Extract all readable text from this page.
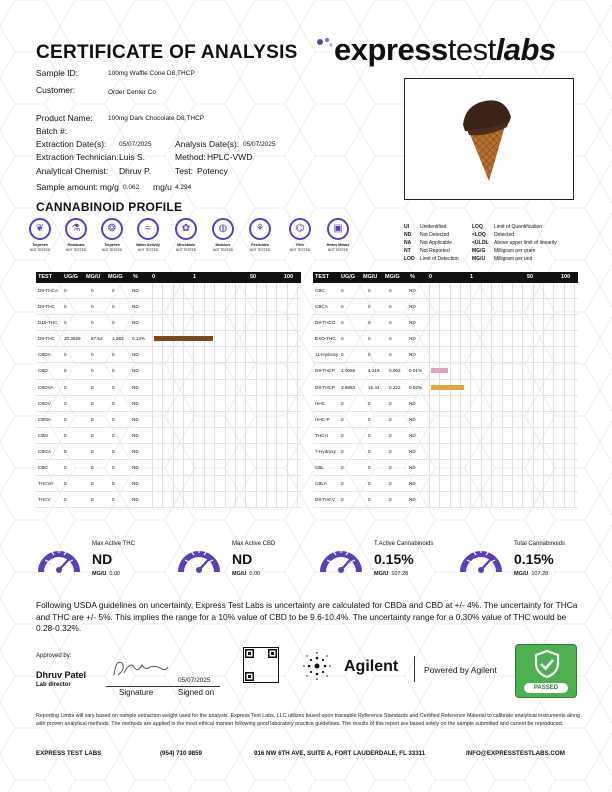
CERTIFICATE OF ANALYSIS expresstestlabs
Sample ID:	100mg Waffle Cone D8,THCP
Customer:	Order Center Co
Product Name: 100mg Dark Chocolate D8,THCP
Batch #:
Extraction Date(s): 05/07/2025	Analysis Date(s): 05/07/2025
Extraction Technician: Luis S.	Method: HPLC-VWD
Analytical Chemist: Dhruv P.	Test: Potency
Sample amount: mg/g 0.062 mg/u 4.294
CANNABINOID PROFILE
❦
Terpenes
NOT TESTED
⚗
Residuals
NOT TESTED
❂
Terpenes
NOT TESTED
≈
Water Activity
NOT TESTED
✿
Microbials
NOT TESTED
◍
Moisture
NOT TESTED
⚘
Pesticides
NOT TESTED
⌬
Filth
NOT TESTED
▣
Heavy Metals
NOT TESTED
UI Unidentified
ND Not Detected
NA Not Applicable
NT Not Reported
LOD Limit of Detection
LOQ Limit of Quantification
<LOQ Detected
<ULOL Above upper limit of linearity
MG/G Milligram per gram
MG/U Milligram per unit
TEST UG/G MG/U MG/G %	0	1	50	100
D8-THCA 0	0	0	ND
D8-THC 0	0	0	ND
D10-THC 0	0	0	ND
D8-THC 20.3629 87.52 1.263 0.13%
CBDA	0	0	0	ND
CBD	0	0	0	ND
CBDVA 0	0	0	ND
CBDV	0	0	0	ND
CBNA	0	0	0	ND
CBN	0	0	0	ND
CBGA	0	0	0	ND
CBG	0	0	0	ND
THCVA 0	0	0	ND
THCV	0	0	0	ND
TEST UG/G MG/U MG/G %	0	1	50	100
CBC	0	0	0	ND
CBCA	0	0	0	ND
D8-THCO 0	0	0	ND
EXO-THC 0	0	0	ND
11-Hydroxy 0	0	0	ND
D9-THCP 1.0056	4.318 0.062 0.01%
D8-THCP 3.5863	15.44 0.222 0.02%
HHC	0	0	0	ND
HHC-P 0	0	0	ND
THCH	0	0	0	ND
7-Hydroxy 0	0	0	ND
CBL	0	0	0	ND
CBLA	0	0	0	ND
D8-THCV 0	0	0	ND
Max Active THC
ND
MG/U 0.00
Max Active CBD
ND
MG/U 0.00
T.Active Cannabinoids
0.15%
MG/U 107.28
Total Cannabinoids
0.15%
MG/U 107.28
Following USDA guidelines on uncertainty, Express Test Labs is uncertainty are calculated for CBDa and CBD at +/- 4%. The uncertainty for THCa and THC are +/- 5%. This implies the range for a 10% value of CBD to be 9.6-10.4%. The uncertainty range for a 0.30% value of THC would be 0.28-0.32%.
Approved by:
Dhruv Patel
Lab director
Signature
05/07/2025
Signed on
Agilent	Powered by Agilent
PASSED
Reporting Limits will vary based on sample extraction weight used for the analysis. Express Test Labs, LLC utilizes based upon traceable Reference Standards and Certified Reference Material to calibrate analytical instruments along with proven analytical methods. The methods are applied in the most ethical manner following good laboratory practice guidelines. The results of this report are based solely on the sample submitted and cannot be reproduced.
EXPRESS TEST LABS	(954) 710 9859	916 NW 6TH AVE, SUITE A, FORT LAUDERDALE, FL 33311	INFO@EXPRESSTESTLABS.COM
